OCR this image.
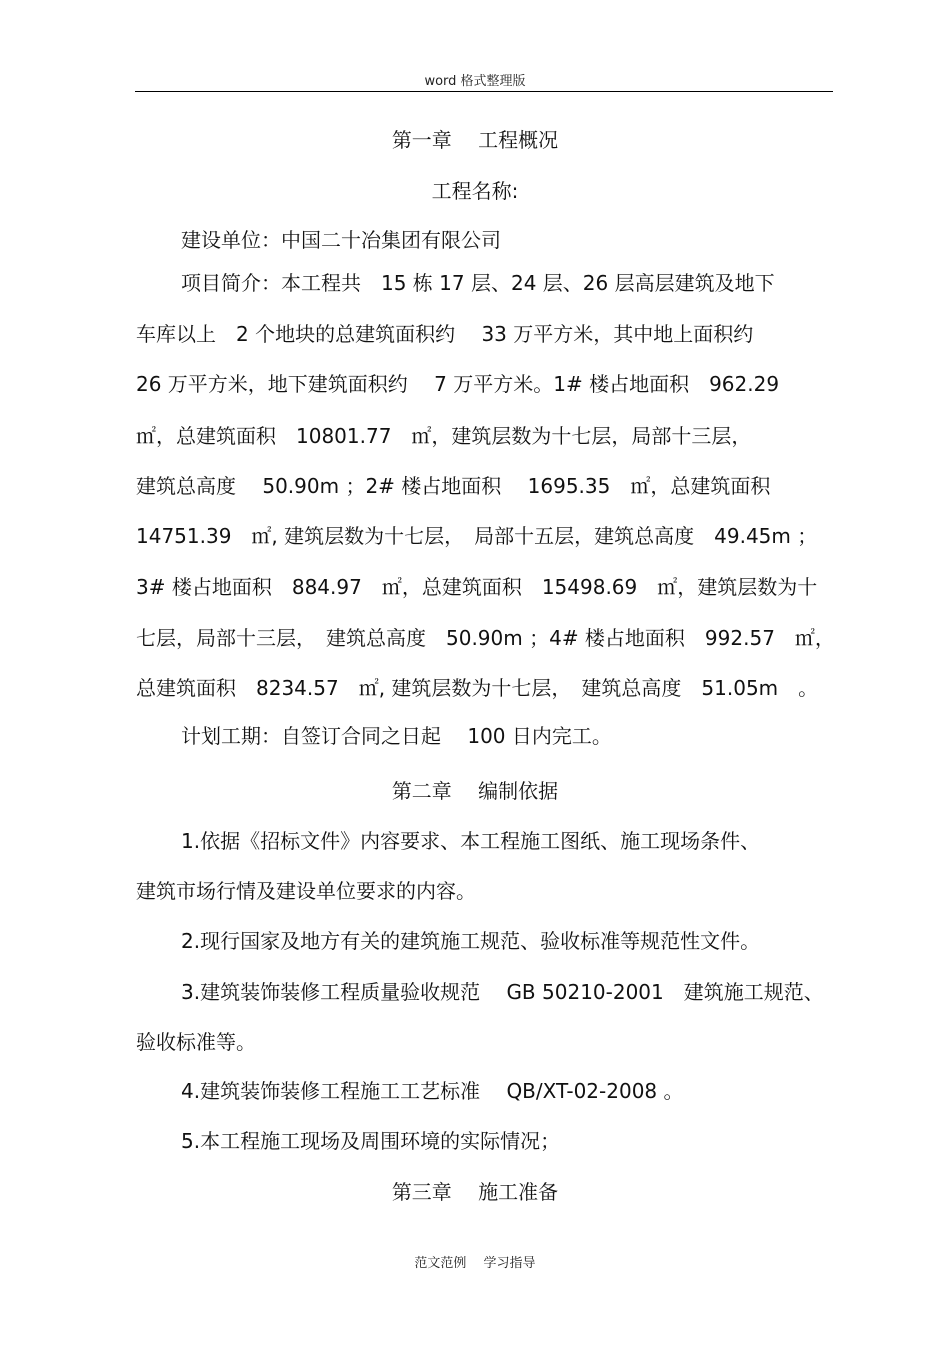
word 格式整理版
第一章　 工程概况
工程名称:
建设单位：中国二十冶集团有限公司
项目简介：本工程共　15 栋 17 层、24 层、26 层高层建筑及地下
车库以上　2 个地块的总建筑面积约　 33 万平方米，其中地上面积约
26 万平方米，地下建筑面积约　 7 万平方米。1# 楼占地面积　962.29
㎡，总建筑面积　10801.77　㎡，建筑层数为十七层，局部十三层，
建筑总高度　 50.90m ；2# 楼占地面积　 1695.35　㎡，总建筑面积
14751.39　㎡, 建筑层数为十七层，　局部十五层，建筑总高度　49.45m ；
3# 楼占地面积　884.97　㎡，总建筑面积　15498.69　㎡，建筑层数为十
七层，局部十三层，　建筑总高度　50.90m ；4# 楼占地面积　992.57　㎡，
总建筑面积　8234.57　㎡, 建筑层数为十七层，　建筑总高度　51.05m　。
计划工期：自签订合同之日起　 100 日内完工。
第二章　 编制依据
1.依据《招标文件》内容要求、本工程施工图纸、施工现场条件、
建筑市场行情及建设单位要求的内容。
2.现行国家及地方有关的建筑施工规范、验收标准等规范性文件。
3.建筑装饰装修工程质量验收规范　 GB 50210-2001　建筑施工规范、
验收标准等。
4.建筑装饰装修工程施工工艺标准　 QB/XT-02-2008 。
5.本工程施工现场及周围环境的实际情况；
第三章　 施工准备
范文范例　 学习指导
